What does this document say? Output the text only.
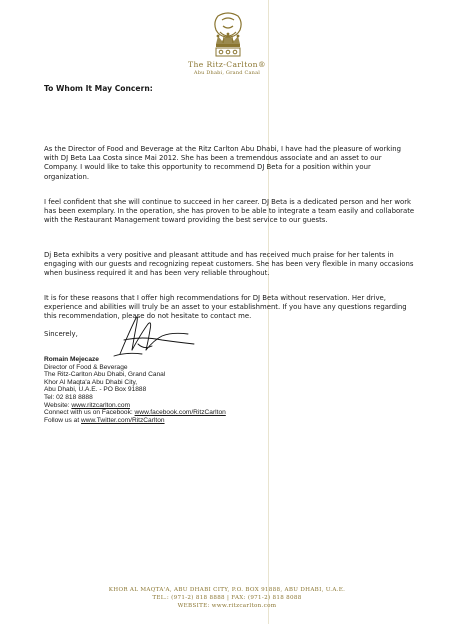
The Ritz-Carlton®
Abu Dhabi, Grand Canal
To Whom It May Concern:
As the Director of Food and Beverage at the Ritz Carlton Abu Dhabi, I have had the pleasure of working with DJ Beta Laa Costa since Mai 2012. She has been a tremendous associate and an asset to our Company. I would like to take this opportunity to recommend DJ Beta for a position within your organization.
I feel confident that she will continue to succeed in her career. DJ Beta is a dedicated person and her work has been exemplary. In the operation, she has proven to be able to integrate a team easily and collaborate with the Restaurant Management toward providing the best service to our guests.
Dj Beta exhibits a very positive and pleasant attitude and has received much praise for her talents in engaging with our guests and recognizing repeat customers. She has been very flexible in many occasions when business required it and has been very reliable throughout.
It is for these reasons that I offer high recommendations for DJ Beta without reservation. Her drive, experience and abilities will truly be an asset to your establishment. If you have any questions regarding this recommendation, please do not hesitate to contact me.
Sincerely,
Romain Mejecaze
Director of Food & Beverage
The Ritz-Carlton Abu Dhabi, Grand Canal
Khor Al Maqta'a Abu Dhabi City,
Abu Dhabi, U.A.E. - PO Box 91888
Tel: 02 818 8888
Website: www.ritzcarlton.com
Connect with us on Facebook: www.facebook.com/RitzCarlton
Follow us at www.Twitter.com/RitzCarlton
KHOR AL MAQTA'A, ABU DHABI CITY, P.O. BOX 91888, ABU DHABI, U.A.E.
TEL.: (971-2) 818 8888 | FAX: (971-2) 818 8088
WEBSITE: www.ritzcarlton.com
